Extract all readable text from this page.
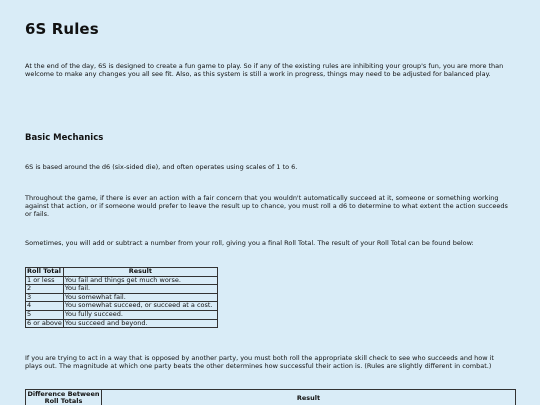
6S Rules

At the end of the day, 6S is designed to create a fun game to play. So if any of the existing rules are inhibiting your group's fun, you are more than welcome to make any changes you all see fit. Also, as this system is still a work in progress, things may need to be adjusted for balanced play.

Basic Mechanics

6S is based around the d6 (six-sided die), and often operates using scales of 1 to 6.

Throughout the game, if there is ever an action with a fair concern that you wouldn't automatically succeed at it, someone or something working against that action, or if someone would prefer to leave the result up to chance, you must roll a d6 to determine to what extent the action succeeds or fails.

Sometimes, you will add or subtract a number from your roll, giving you a final Roll Total. The result of your Roll Total can be found below:

Roll Total	Result
1 or less	You fail and things get much worse.
2	You fail.
3	You somewhat fail.
4	You somewhat succeed, or succeed at a cost.
5	You fully succeed.
6 or above	You succeed and beyond.

If you are trying to act in a way that is opposed by another party, you must both roll the appropriate skill check to see who succeeds and how it plays out. The magnitude at which one party beats the other determines how successful their action is. (Rules are slightly different in combat.)

Difference Between Roll Totals	Result
